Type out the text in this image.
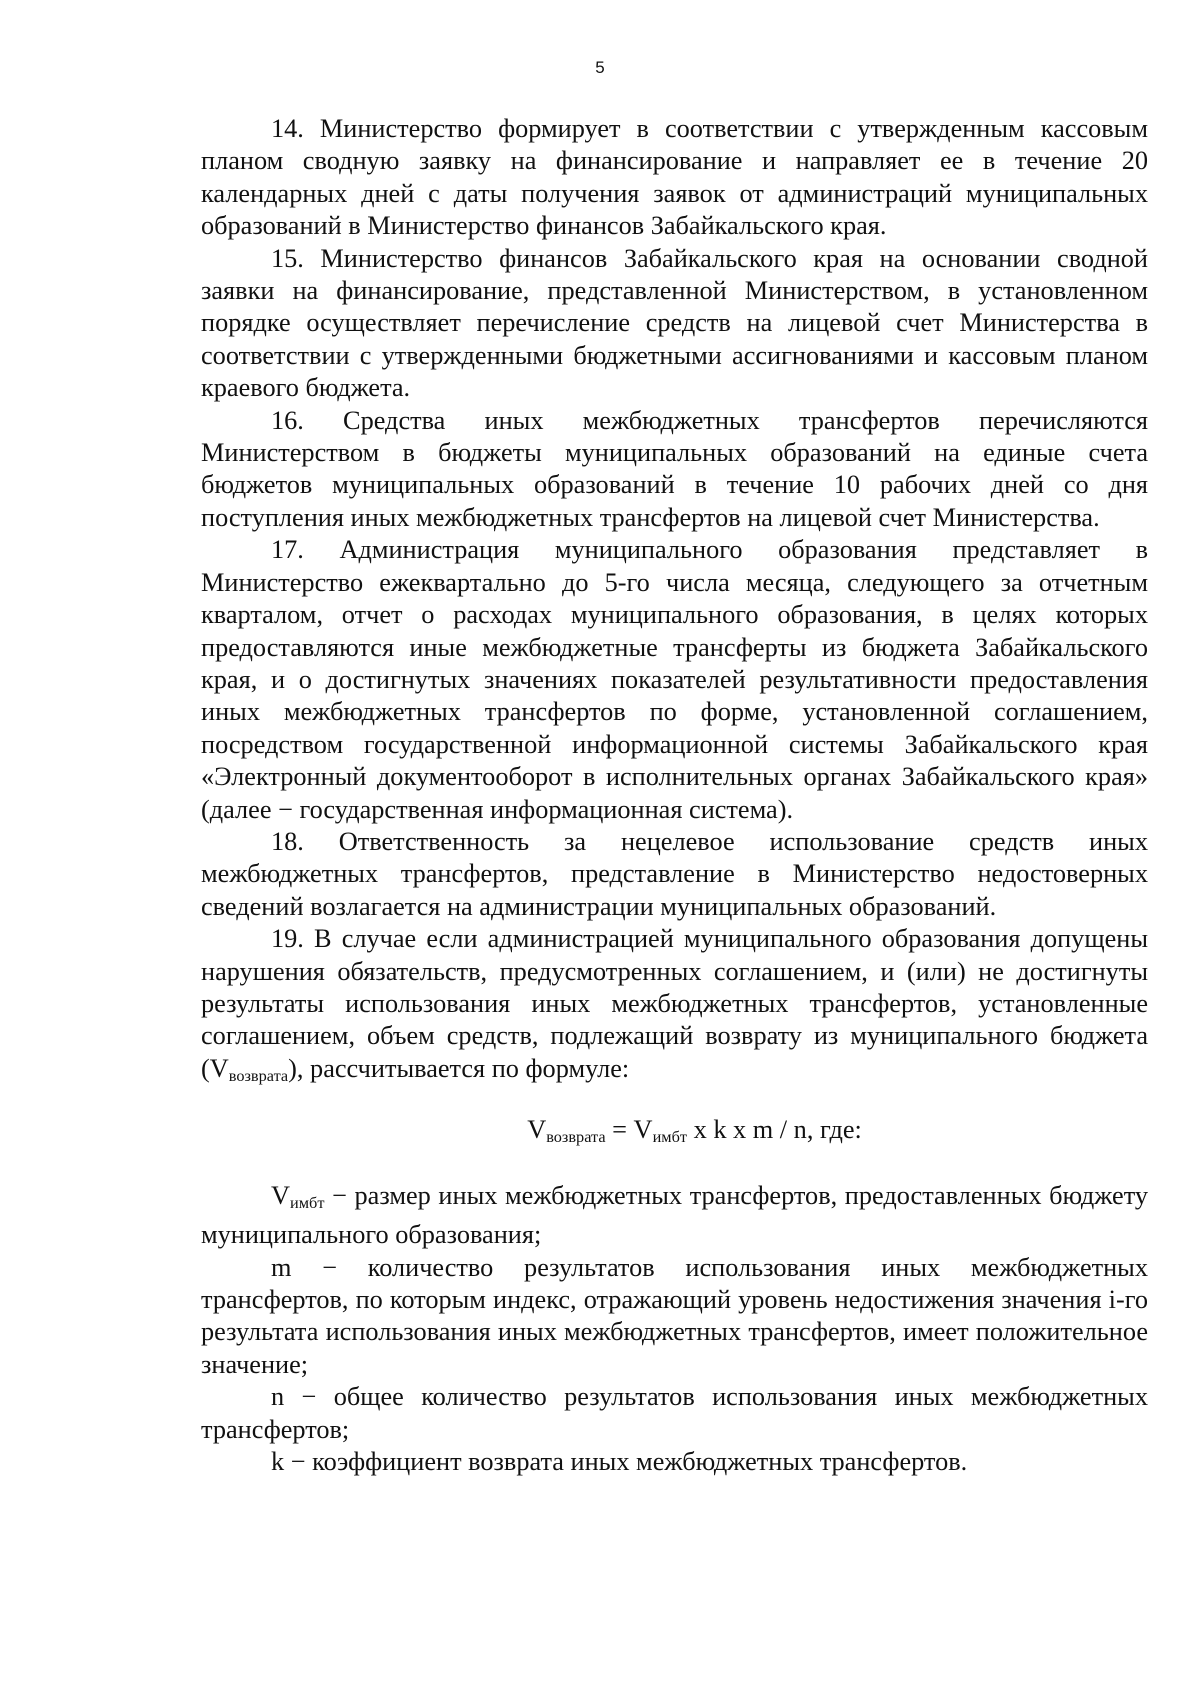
5

14. Министерство формирует в соответствии с утвержденным кассовым планом сводную заявку на финансирование и направляет ее в течение 20 календарных дней с даты получения заявок от администраций муниципальных образований в Министерство финансов Забайкальского края.

15. Министерство финансов Забайкальского края на основании сводной заявки на финансирование, представленной Министерством, в установленном порядке осуществляет перечисление средств на лицевой счет Министерства в соответствии с утвержденными бюджетными ассигнованиями и кассовым планом краевого бюджета.

16. Средства иных межбюджетных трансфертов перечисляются Министерством в бюджеты муниципальных образований на единые счета бюджетов муниципальных образований в течение 10 рабочих дней со дня поступления иных межбюджетных трансфертов на лицевой счет Министерства.

17. Администрация муниципального образования представляет в Министерство ежеквартально до 5-го числа месяца, следующего за отчетным кварталом, отчет о расходах муниципального образования, в целях которых предоставляются иные межбюджетные трансферты из бюджета Забайкальского края, и о достигнутых значениях показателей результативности предоставления иных межбюджетных трансфертов по форме, установленной соглашением, посредством государственной информационной системы Забайкальского края «Электронный документооборот в исполнительных органах Забайкальского края» (далее − государственная информационная система).

18. Ответственность за нецелевое использование средств иных межбюджетных трансфертов, представление в Министерство недостоверных сведений возлагается на администрации муниципальных образований.

19. В случае если администрацией муниципального образования допущены нарушения обязательств, предусмотренных соглашением, и (или) не достигнуты результаты использования иных межбюджетных трансфертов, установленные соглашением, объем средств, подлежащий возврату из муниципального бюджета $(V_{возврата})$, рассчитывается по формуле:

$V_{возврата} = V_{имбт}$ x k x m / n, где:

$V_{имбт}$ − размер иных межбюджетных трансфертов, предоставленных бюджету муниципального образования;

m − количество результатов использования иных межбюджетных трансфертов, по которым индекс, отражающий уровень недостижения значения i-го результата использования иных межбюджетных трансфертов, имеет положительное значение;

n − общее количество результатов использования иных межбюджетных трансфертов;

k − коэффициент возврата иных межбюджетных трансфертов.
